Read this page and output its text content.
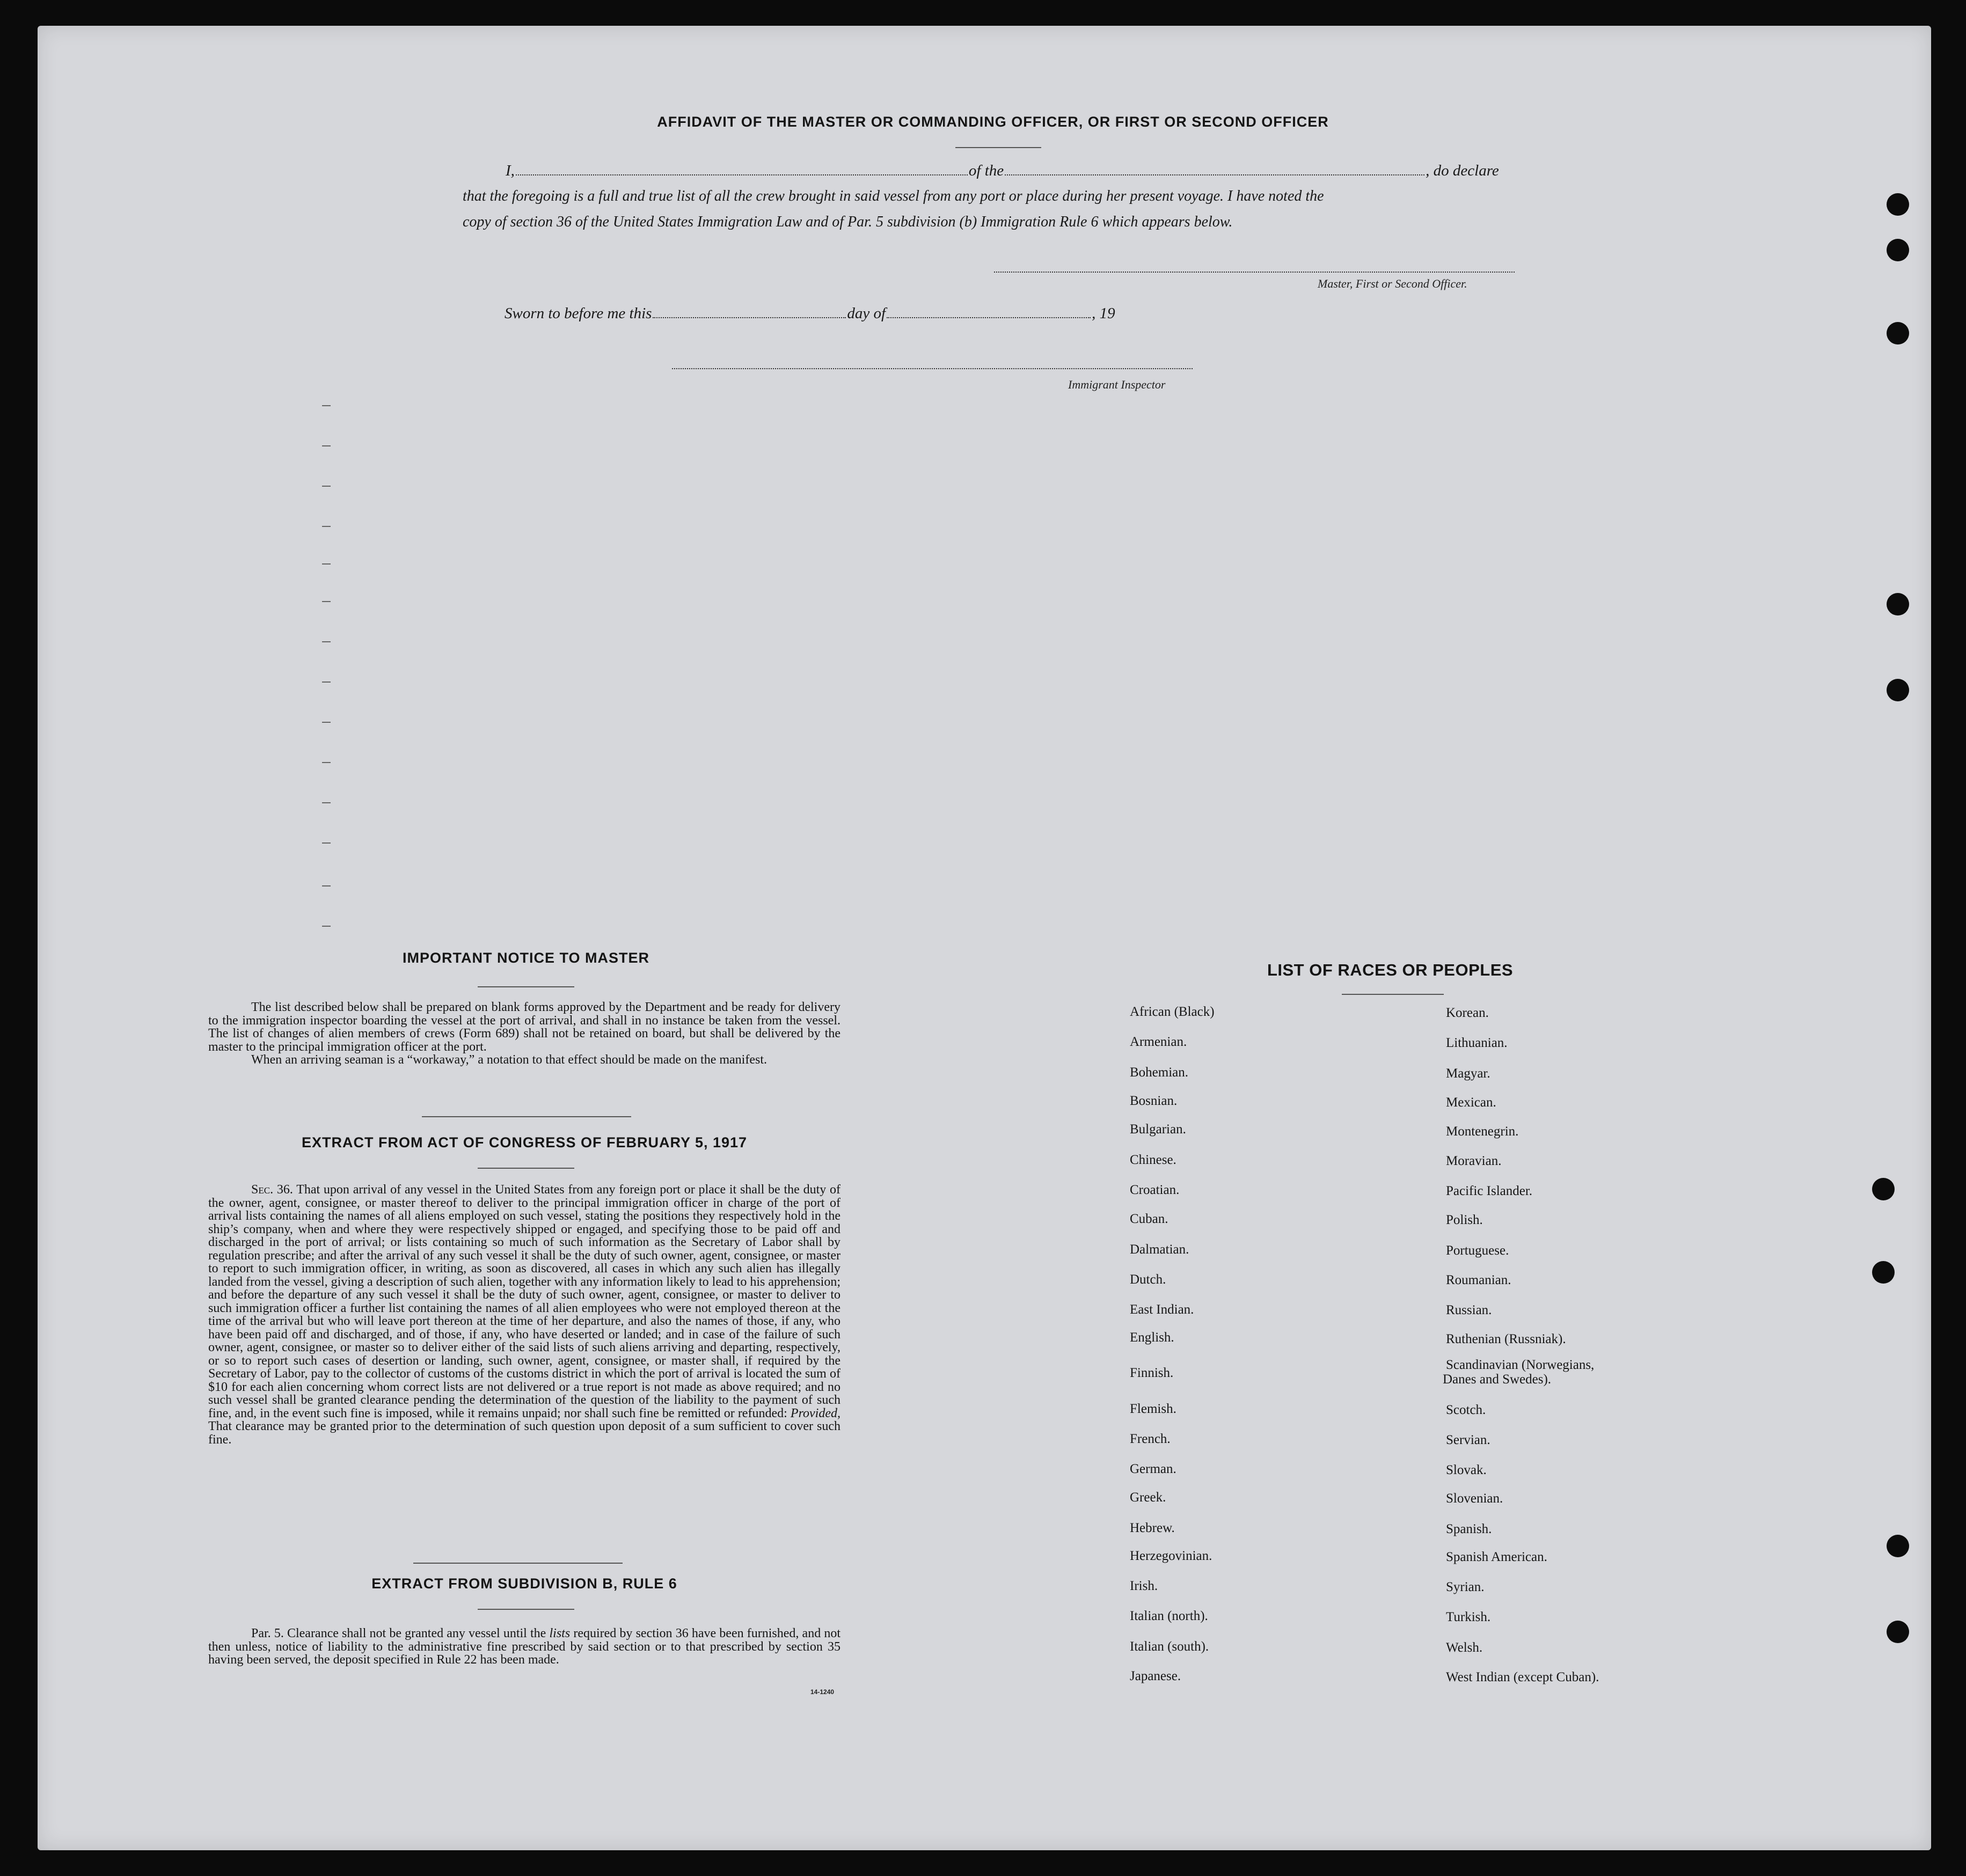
AFFIDAVIT OF THE MASTER OR COMMANDING OFFICER, OR FIRST OR SECOND OFFICER
I,	of the	, do declare
that the foregoing is a full and true list of all the crew brought in said vessel from any port or place during her present voyage. I have noted the
copy of section 36 of the United States Immigration Law and of Par. 5 subdivision (b) Immigration Rule 6 which appears below.
Master, First or Second Officer.
Sworn to before me this	day of	, 19
Immigrant Inspector
IMPORTANT NOTICE TO MASTER

The list described below shall be prepared on blank forms approved by the Department and be ready for delivery to the immigration inspector boarding the vessel at the port of arrival, and shall in no instance be taken from the vessel. The list of changes of alien members of crews (Form 689) shall not be retained on board, but shall be delivered by the master to the principal immigration officer at the port.

When an arriving seaman is a “workaway,” a notation to that effect should be made on the manifest.

EXTRACT FROM ACT OF CONGRESS OF FEBRUARY 5, 1917

Sec. 36. That upon arrival of any vessel in the United States from any foreign port or place it shall be the duty of the owner, agent, consignee, or master thereof to deliver to the principal immigration officer in charge of the port of arrival lists containing the names of all aliens employed on such vessel, stating the positions they respectively hold in the ship’s company, when and where they were respectively shipped or engaged, and specifying those to be paid off and discharged in the port of arrival; or lists containing so much of such information as the Secretary of Labor shall by regulation prescribe; and after the arrival of any such vessel it shall be the duty of such owner, agent, consignee, or master to report to such immigration officer, in writing, as soon as discovered, all cases in which any such alien has illegally landed from the vessel, giving a description of such alien, together with any information likely to lead to his apprehension; and before the departure of any such vessel it shall be the duty of such owner, agent, consignee, or master to deliver to such immigration officer a further list containing the names of all alien employees who were not employed thereon at the time of the arrival but who will leave port thereon at the time of her departure, and also the names of those, if any, who have been paid off and discharged, and of those, if any, who have deserted or landed; and in case of the failure of such owner, agent, consignee, or master so to deliver either of the said lists of such aliens arriving and departing, respectively, or so to report such cases of desertion or landing, such owner, agent, consignee, or master shall, if required by the Secretary of Labor, pay to the collector of customs of the customs district in which the port of arrival is located the sum of $10 for each alien concerning whom correct lists are not delivered or a true report is not made as above required; and no such vessel shall be granted clearance pending the determination of the question of the liability to the payment of such fine, and, in the event such fine is imposed, while it remains unpaid; nor shall such fine be remitted or refunded: Provided, That clearance may be granted prior to the determination of such question upon deposit of a sum sufficient to cover such fine.

EXTRACT FROM SUBDIVISION B, RULE 6

Par. 5. Clearance shall not be granted any vessel until the lists required by section 36 have been furnished, and not then unless, notice of liability to the administrative fine prescribed by said section or to that prescribed by section 35 having been served, the deposit specified in Rule 22 has been made.

14-1240
LIST OF RACES OR PEOPLES
African (Black)
Armenian.
Bohemian.
Bosnian.
Bulgarian.
Chinese.
Croatian.
Cuban.
Dalmatian.
Dutch.
East Indian.
English.
Finnish.
Flemish.
French.
German.
Greek.
Hebrew.
Herzegovinian.
Irish.
Italian (north).
Italian (south).
Japanese.
Korean.
Lithuanian.
Magyar.
Mexican.
Montenegrin.
Moravian.
Pacific Islander.
Polish.
Portuguese.
Roumanian.
Russian.
Ruthenian (Russniak).
Scandinavian (Norwegians,
Danes and Swedes).
Scotch.
Servian.
Slovak.
Slovenian.
Spanish.
Spanish American.
Syrian.
Turkish.
Welsh.
West Indian (except Cuban).
